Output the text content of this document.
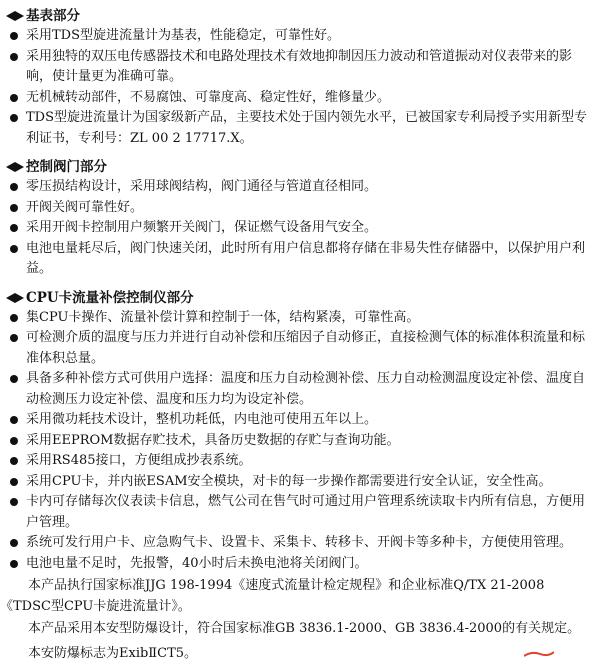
基表部分
采用TDS型旋进流量计为基表，性能稳定，可靠性好。
采用独特的双压电传感器技术和电路处理技术有效地抑制因压力波动和管道振动对仪表带来的影响，使计量更为准确可靠。
无机械转动部件，不易腐蚀、可靠度高、稳定性好，维修量少。
TDS型旋进流量计为国家级新产品，主要技术处于国内领先水平，已被国家专利局授予实用新型专利证书，专利号：ZL 00 2 17717.X。
控制阀门部分
零压损结构设计，采用球阀结构，阀门通径与管道直径相同。
开阀关阀可靠性好。
采用开阀卡控制用户频繁开关阀门，保证燃气设备用气安全。
电池电量耗尽后，阀门快速关闭，此时所有用户信息都将存储在非易失性存储器中，以保护用户利益。
CPU卡流量补偿控制仪部分
集CPU卡操作、流量补偿计算和控制于一体，结构紧凑，可靠性高。
可检测介质的温度与压力并进行自动补偿和压缩因子自动修正，直接检测气体的标准体积流量和标准体积总量。
具备多种补偿方式可供用户选择：温度和压力自动检测补偿、压力自动检测温度设定补偿、温度自动检测压力设定补偿、温度和压力均为设定补偿。
采用微功耗技术设计，整机功耗低，内电池可使用五年以上。
采用EEPROM数据存贮技术，具备历史数据的存贮与查询功能。
采用RS485接口，方便组成抄表系统。
采用CPU卡，并内嵌ESAM安全模块，对卡的每一步操作都需要进行安全认证，安全性高。
卡内可存储每次仪表读卡信息，燃气公司在售气时可通过用户管理系统读取卡内所有信息，方便用户管理。
系统可发行用户卡、应急购气卡、设置卡、采集卡、转移卡、开阀卡等多种卡，方便使用管理。
电池电量不足时，先报警，40小时后未换电池将关闭阀门。
本产品执行国家标准JJG 198-1994《速度式流量计检定规程》和企业标准Q/TX 21-2008
《TDSC型CPU卡旋进流量计》。
本产品采用本安型防爆设计，符合国家标准GB 3836.1-2000、GB 3836.4-2000的有关规定。
本安防爆标志为ExibⅡCT5。
